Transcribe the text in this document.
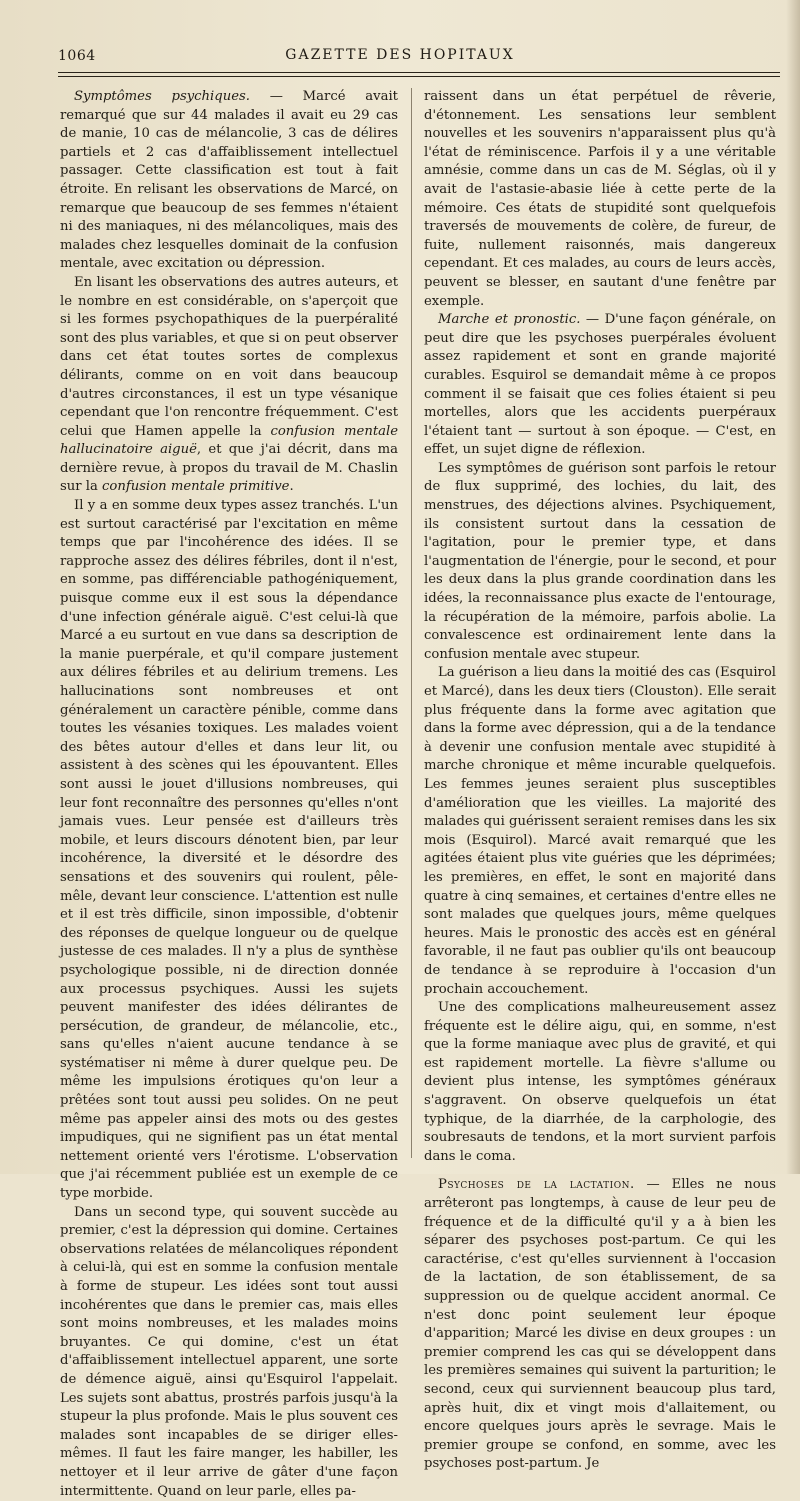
1064	GAZETTE DES HOPITAUX

Symptômes psychiques. — Marcé avait remarqué que sur 44 malades il avait eu 29 cas de manie, 10 cas de mélancolie, 3 cas de délires partiels et 2 cas d'affaiblissement intellectuel passager. Cette classification est tout à fait étroite. En relisant les observations de Marcé, on remarque que beaucoup de ses femmes n'étaient ni des maniaques, ni des mélancoliques, mais des malades chez lesquelles dominait de la confusion mentale, avec excitation ou dépression.

En lisant les observations des autres auteurs, et le nombre en est considérable, on s'aperçoit que si les formes psychopathiques de la puerpéralité sont des plus variables, et que si on peut observer dans cet état toutes sortes de complexus délirants, comme on en voit dans beaucoup d'autres circonstances, il est un type vésanique cependant que l'on rencontre fréquemment. C'est celui que Hamen appelle la confusion mentale hallucinatoire aiguë, et que j'ai décrit, dans ma dernière revue, à propos du travail de M. Chaslin sur la confusion mentale primitive.

Il y a en somme deux types assez tranchés. L'un est surtout caractérisé par l'excitation en même temps que par l'incohérence des idées. Il se rapproche assez des délires fébriles, dont il n'est, en somme, pas différenciable pathogéniquement, puisque comme eux il est sous la dépendance d'une infection générale aiguë. C'est celui-là que Marcé a eu surtout en vue dans sa description de la manie puerpérale, et qu'il compare justement aux délires fébriles et au delirium tremens. Les hallucinations sont nombreuses et ont généralement un caractère pénible, comme dans toutes les vésanies toxiques. Les malades voient des bêtes autour d'elles et dans leur lit, ou assistent à des scènes qui les épouvantent. Elles sont aussi le jouet d'illusions nombreuses, qui leur font reconnaître des personnes qu'elles n'ont jamais vues. Leur pensée est d'ailleurs très mobile, et leurs discours dénotent bien, par leur incohérence, la diversité et le désordre des sensations et des souvenirs qui roulent, pêle-mêle, devant leur conscience. L'attention est nulle et il est très difficile, sinon impossible, d'obtenir des réponses de quelque longueur ou de quelque justesse de ces malades. Il n'y a plus de synthèse psychologique possible, ni de direction donnée aux processus psychiques. Aussi les sujets peuvent manifester des idées délirantes de persécution, de grandeur, de mélancolie, etc., sans qu'elles n'aient aucune tendance à se systématiser ni même à durer quelque peu. De même les impulsions érotiques qu'on leur a prêtées sont tout aussi peu solides. On ne peut même pas appeler ainsi des mots ou des gestes impudiques, qui ne signifient pas un état mental nettement orienté vers l'érotisme. L'observation que j'ai récemment publiée est un exemple de ce type morbide.

Dans un second type, qui souvent succède au premier, c'est la dépression qui domine. Certaines observations relatées de mélancoliques répondent à celui-là, qui est en somme la confusion mentale à forme de stupeur. Les idées sont tout aussi incohérentes que dans le premier cas, mais elles sont moins nombreuses, et les malades moins bruyantes. Ce qui domine, c'est un état d'affaiblissement intellectuel apparent, une sorte de démence aiguë, ainsi qu'Esquirol l'appelait. Les sujets sont abattus, prostrés parfois jusqu'à la stupeur la plus profonde. Mais le plus souvent ces malades sont incapables de se diriger elles-mêmes. Il faut les faire manger, les habiller, les nettoyer et il leur arrive de gâter d'une façon intermittente. Quand on leur parle, elles pa-

raissent dans un état perpétuel de rêverie, d'étonnement. Les sensations leur semblent nouvelles et les souvenirs n'apparaissent plus qu'à l'état de réminiscence. Parfois il y a une véritable amnésie, comme dans un cas de M. Séglas, où il y avait de l'astasie-abasie liée à cette perte de la mémoire. Ces états de stupidité sont quelquefois traversés de mouvements de colère, de fureur, de fuite, nullement raisonnés, mais dangereux cependant. Et ces malades, au cours de leurs accès, peuvent se blesser, en sautant d'une fenêtre par exemple.

Marche et pronostic. — D'une façon générale, on peut dire que les psychoses puerpérales évoluent assez rapidement et sont en grande majorité curables. Esquirol se demandait même à ce propos comment il se faisait que ces folies étaient si peu mortelles, alors que les accidents puerpéraux l'étaient tant — surtout à son époque. — C'est, en effet, un sujet digne de réflexion.

Les symptômes de guérison sont parfois le retour de flux supprimé, des lochies, du lait, des menstrues, des déjections alvines. Psychiquement, ils consistent surtout dans la cessation de l'agitation, pour le premier type, et dans l'augmentation de l'énergie, pour le second, et pour les deux dans la plus grande coordination dans les idées, la reconnaissance plus exacte de l'entourage, la récupération de la mémoire, parfois abolie. La convalescence est ordinairement lente dans la confusion mentale avec stupeur.

La guérison a lieu dans la moitié des cas (Esquirol et Marcé), dans les deux tiers (Clouston). Elle serait plus fréquente dans la forme avec agitation que dans la forme avec dépression, qui a de la tendance à devenir une confusion mentale avec stupidité à marche chronique et même incurable quelquefois. Les femmes jeunes seraient plus susceptibles d'amélioration que les vieilles. La majorité des malades qui guérissent seraient remises dans les six mois (Esquirol). Marcé avait remarqué que les agitées étaient plus vite guéries que les déprimées; les premières, en effet, le sont en majorité dans quatre à cinq semaines, et certaines d'entre elles ne sont malades que quelques jours, même quelques heures. Mais le pronostic des accès est en général favorable, il ne faut pas oublier qu'ils ont beaucoup de tendance à se reproduire à l'occasion d'un prochain accouchement.

Une des complications malheureusement assez fréquente est le délire aigu, qui, en somme, n'est que la forme maniaque avec plus de gravité, et qui est rapidement mortelle. La fièvre s'allume ou devient plus intense, les symptômes généraux s'aggravent. On observe quelquefois un état typhique, de la diarrhée, de la carphologie, des soubresauts de tendons, et la mort survient parfois dans le coma.

Psychoses de la lactation. — Elles ne nous arrêteront pas longtemps, à cause de leur peu de fréquence et de la difficulté qu'il y a à bien les séparer des psychoses post-partum. Ce qui les caractérise, c'est qu'elles surviennent à l'occasion de la lactation, de son établissement, de sa suppression ou de quelque accident anormal. Ce n'est donc point seulement leur époque d'apparition; Marcé les divise en deux groupes : un premier comprend les cas qui se développent dans les premières semaines qui suivent la parturition; le second, ceux qui surviennent beaucoup plus tard, après huit, dix et vingt mois d'allaitement, ou encore quelques jours après le sevrage. Mais le premier groupe se confond, en somme, avec les psychoses post-partum. Je
